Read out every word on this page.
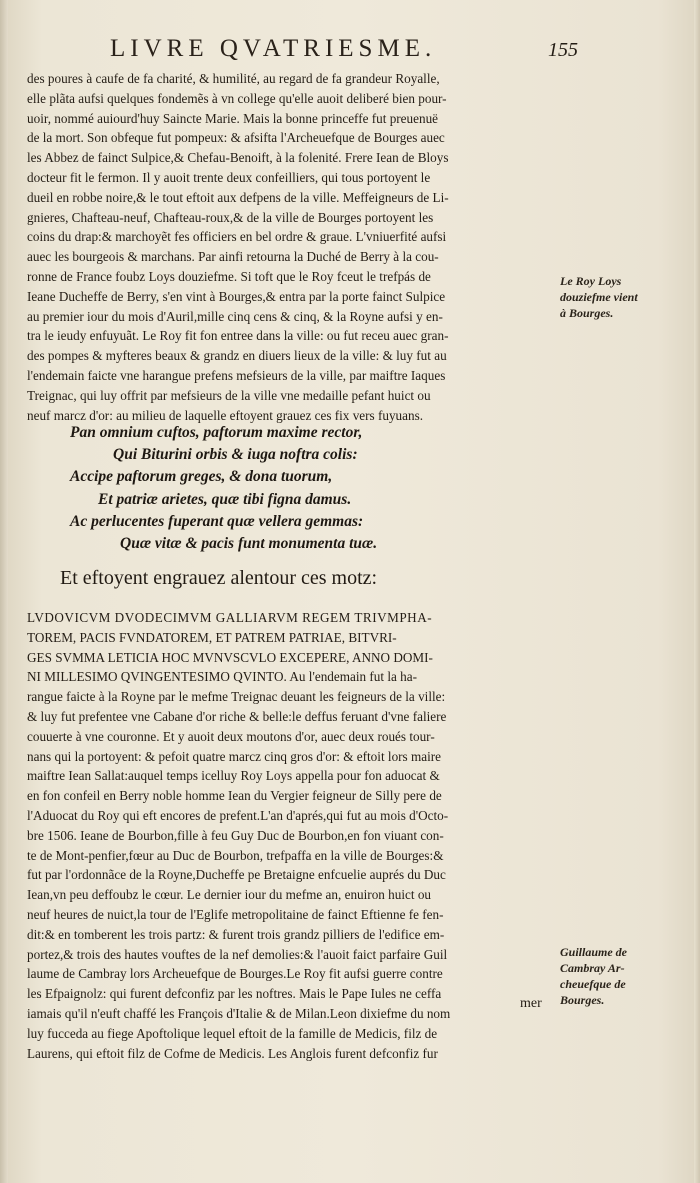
LIVRE QVATRIESME.	155
des poures à caufe de fa charité, & humilité, au regard de fa grandeur Royalle,
elle plãta aufsi quelques fondemẽs à vn college qu'elle auoit deliberé bien pour-
uoir, nommé auiourd'huy Saincte Marie. Mais la bonne princeffe fut preuenuë
de la mort. Son obfeque fut pompeux: & afsifta l'Archeuefque de Bourges auec
les Abbez de fainct Sulpice,& Chefau-Benoift, à la folenité. Frere Iean de Bloys
docteur fit le fermon. Il y auoit trente deux confeilliers, qui tous portoyent le
dueil en robbe noire,& le tout eftoit aux defpens de la ville. Meffeigneurs de Li-
gnieres, Chafteau-neuf, Chafteau-roux,& de la ville de Bourges portoyent les
coins du drap:& marchoyẽt fes officiers en bel ordre & graue. L'vniuerfité aufsi
auec les bourgeois & marchans. Par ainfi retourna la Duché de Berry à la cou-
ronne de France foubz Loys douziefme. Si toft que le Roy fceut le trefpás de
Ieane Ducheffe de Berry, s'en vint à Bourges,& entra par la porte fainct Sulpice
au premier iour du mois d'Auril,mille cinq cens & cinq, & la Royne aufsi y en-
tra le ieudy enfuyuãt. Le Roy fit fon entree dans la ville: ou fut receu auec gran-
des pompes & myfteres beaux & grandz en diuers lieux de la ville: & luy fut au
l'endemain faicte vne harangue prefens mefsieurs de la ville, par maiftre Iaques
Treignac, qui luy offrit par mefsieurs de la ville vne medaille pefant huict ou
neuf marcz d'or: au milieu de laquelle eftoyent grauez ces fix vers fuyuans.
Pan omnium cuftos, paftorum maxime rector,
Qui Biturini orbis & iuga noftra colis:
Accipe paftorum greges, & dona tuorum,
Et patriæ arietes, quæ tibi figna damus.
Ac perlucentes fuperant quæ vellera gemmas:
Quæ vitæ & pacis funt monumenta tuæ.
Et eftoyent engrauez alentour ces motz:
LVDOVICVM DVODECIMVM GALLIARVM REGEM TRIVMPHA-
TOREM, PACIS FVNDATOREM, ET PATREM PATRIAE, BITVRI-
GES SVMMA LETICIA HOC MVNVSCVLO EXCEPERE, ANNO DOMI-
NI MILLESIMO QVINGENTESIMO QVINTO. Au l'endemain fut la ha-
rangue faicte à la Royne par le mefme Treignac deuant les feigneurs de la ville:
& luy fut prefentee vne Cabane d'or riche & belle:le deffus feruant d'vne faliere
couuerte à vne couronne. Et y auoit deux moutons d'or, auec deux roués tour-
nans qui la portoyent: & pefoit quatre marcz cinq gros d'or: & eftoit lors maire
maiftre Iean Sallat:auquel temps icelluy Roy Loys appella pour fon aduocat &
en fon confeil en Berry noble homme Iean du Vergier feigneur de Silly pere de
l'Aduocat du Roy qui eft encores de prefent.L'an d'aprés,qui fut au mois d'Octo-
bre 1506. Ieane de Bourbon,fille à feu Guy Duc de Bourbon,en fon viuant con-
te de Mont-penfier,fœur au Duc de Bourbon, trefpaffa en la ville de Bourges:&
fut par l'ordonnãce de la Royne,Ducheffe pe Bretaigne enfcuelie auprés du Duc
Iean,vn peu deffoubz le cœur. Le dernier iour du mefme an, enuiron huict ou
neuf heures de nuict,la tour de l'Eglife metropolitaine de fainct Eftienne fe fen-
dit:& en tomberent les trois partz: & furent trois grandz pilliers de l'edifice em-
portez,& trois des hautes vouftes de la nef demolies:& l'auoit faict parfaire Guil
laume de Cambray lors Archeuefque de Bourges.Le Roy fit aufsi guerre contre
les Efpaignolz: qui furent defconfiz par les noftres. Mais le Pape Iules ne ceffa
iamais qu'il n'euft chaffé les François d'Italie & de Milan.Leon dixiefme du nom
luy fucceda au fiege Apoftolique lequel eftoit de la famille de Medicis, filz de
Laurens, qui eftoit filz de Cofme de Medicis. Les Anglois furent defconfiz fur
Le Roy Loys
douziefme vient
à Bourges.
Guillaume de
Cambray Ar-
cheuefque de
Bourges.
mer
